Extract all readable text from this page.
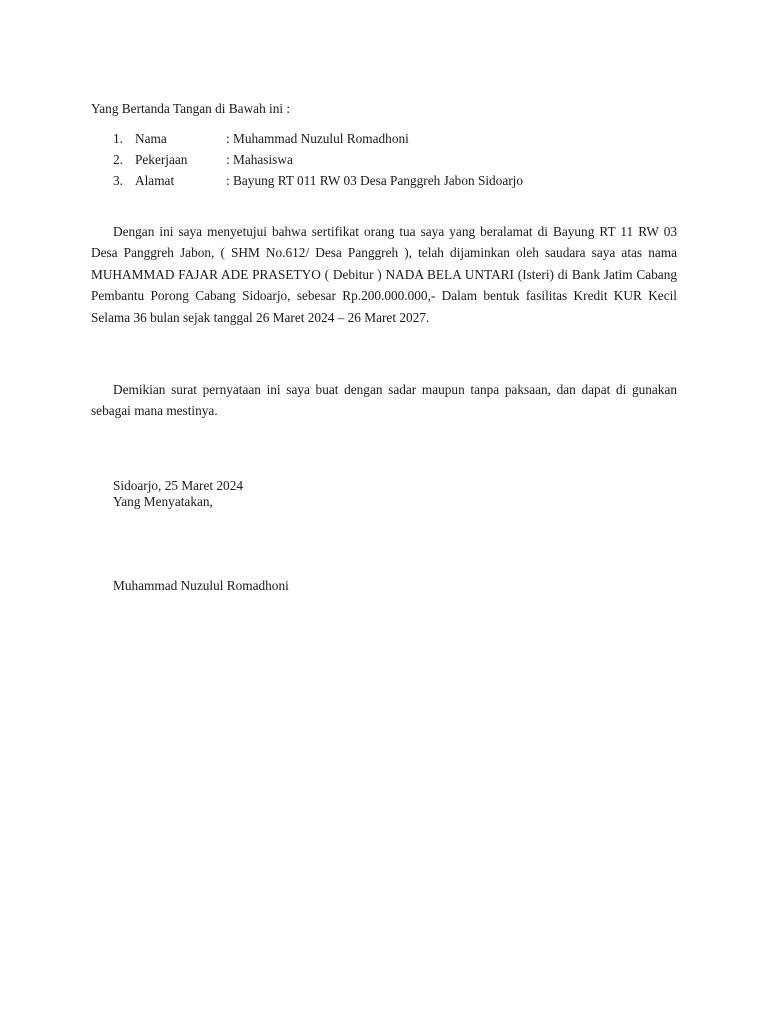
Yang Bertanda Tangan di Bawah ini :
1. Nama	: Muhammad Nuzulul Romadhoni
2. Pekerjaan	: Mahasiswa
3. Alamat	: Bayung RT 011 RW 03 Desa Panggreh Jabon Sidoarjo

Dengan ini saya menyetujui bahwa sertifikat orang tua saya yang beralamat di Bayung RT 11 RW 03 Desa Panggreh Jabon, ( SHM No.612/ Desa Panggreh ), telah dijaminkan oleh saudara saya atas nama MUHAMMAD FAJAR ADE PRASETYO ( Debitur ) NADA BELA UNTARI (Isteri) di Bank Jatim Cabang Pembantu Porong Cabang Sidoarjo, sebesar Rp.200.000.000,- Dalam bentuk fasilitas Kredit KUR Kecil Selama 36 bulan sejak tanggal 26 Maret 2024 – 26 Maret 2027.

Demikian surat pernyataan ini saya buat dengan sadar maupun tanpa paksaan, dan dapat di gunakan sebagai mana mestinya.

Sidoarjo, 25 Maret 2024
Yang Menyatakan,
Muhammad Nuzulul Romadhoni
